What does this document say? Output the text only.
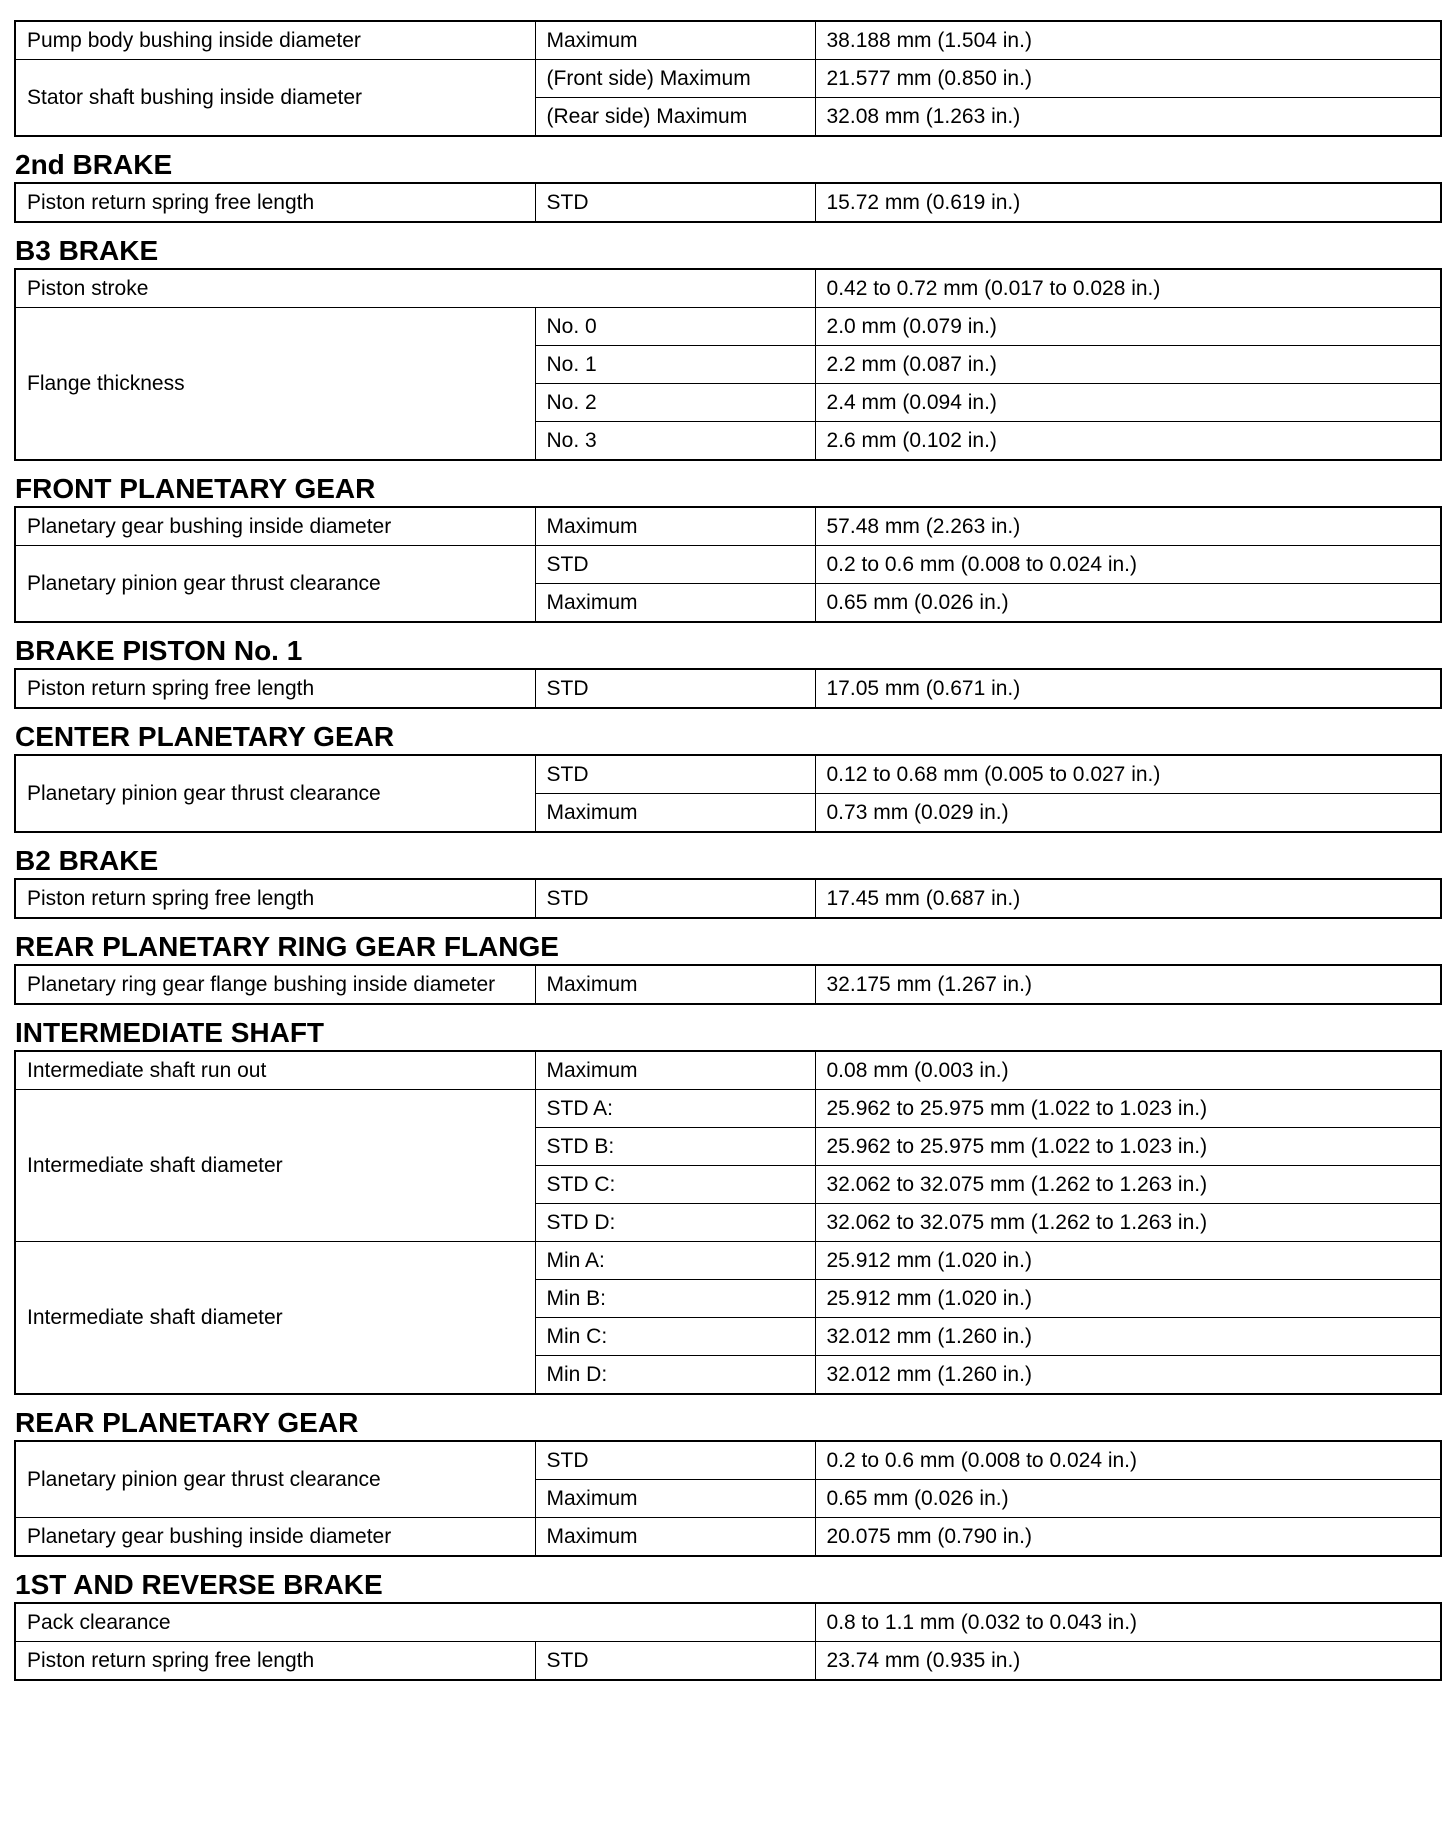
Pump body bushing inside diameter	Maximum	38.188 mm (1.504 in.)
Stator shaft bushing inside diameter	(Front side) Maximum	21.577 mm (0.850 in.)
	(Rear side) Maximum	32.08 mm (1.263 in.)
2nd BRAKE
Piston return spring free length	STD	15.72 mm (0.619 in.)
B3 BRAKE
Piston stroke		0.42 to 0.72 mm (0.017 to 0.028 in.)
Flange thickness	No. 0	2.0 mm (0.079 in.)
	No. 1	2.2 mm (0.087 in.)
	No. 2	2.4 mm (0.094 in.)
	No. 3	2.6 mm (0.102 in.)
FRONT PLANETARY GEAR
Planetary gear bushing inside diameter	Maximum	57.48 mm (2.263 in.)
Planetary pinion gear thrust clearance	STD	0.2 to 0.6 mm (0.008 to 0.024 in.)
	Maximum	0.65 mm (0.026 in.)
BRAKE PISTON No. 1
Piston return spring free length	STD	17.05 mm (0.671 in.)
CENTER PLANETARY GEAR
Planetary pinion gear thrust clearance	STD	0.12 to 0.68 mm (0.005 to 0.027 in.)
	Maximum	0.73 mm (0.029 in.)
B2 BRAKE
Piston return spring free length	STD	17.45 mm (0.687 in.)
REAR PLANETARY RING GEAR FLANGE
Planetary ring gear flange bushing inside diameter	Maximum	32.175 mm (1.267 in.)
INTERMEDIATE SHAFT
Intermediate shaft run out	Maximum	0.08 mm (0.003 in.)
Intermediate shaft diameter	STD A:	25.962 to 25.975 mm (1.022 to 1.023 in.)
	STD B:	25.962 to 25.975 mm (1.022 to 1.023 in.)
	STD C:	32.062 to 32.075 mm (1.262 to 1.263 in.)
	STD D:	32.062 to 32.075 mm (1.262 to 1.263 in.)
Intermediate shaft diameter	Min A:	25.912 mm (1.020 in.)
	Min B:	25.912 mm (1.020 in.)
	Min C:	32.012 mm (1.260 in.)
	Min D:	32.012 mm (1.260 in.)
REAR PLANETARY GEAR
Planetary pinion gear thrust clearance	STD	0.2 to 0.6 mm (0.008 to 0.024 in.)
	Maximum	0.65 mm (0.026 in.)
Planetary gear bushing inside diameter	Maximum	20.075 mm (0.790 in.)
1ST AND REVERSE BRAKE
Pack clearance		0.8 to 1.1 mm (0.032 to 0.043 in.)
Piston return spring free length	STD	23.74 mm (0.935 in.)
